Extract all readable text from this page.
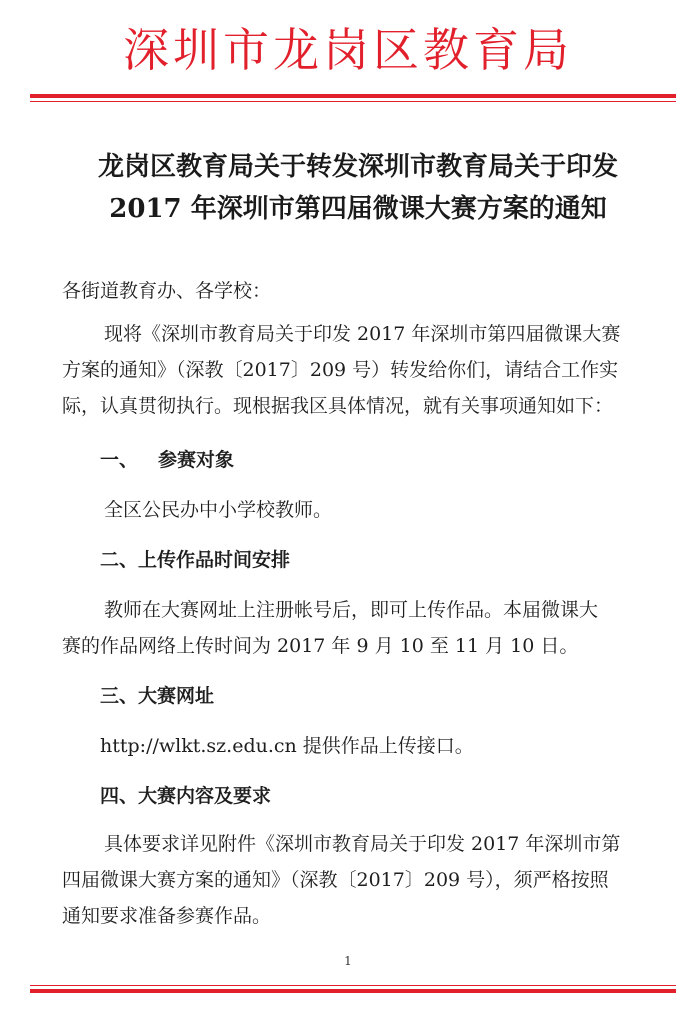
深圳市龙岗区教育局
龙岗区教育局关于转发深圳市教育局关于印发
2017 年深圳市第四届微课大赛方案的通知
各街道教育办、各学校：
现将《深圳市教育局关于印发 2017 年深圳市第四届微课大赛
方案的通知》（深教〔2017〕209 号）转发给你们，请结合工作实
际，认真贯彻执行。现根据我区具体情况，就有关事项通知如下：
一、 参赛对象
全区公民办中小学校教师。
二、上传作品时间安排
教师在大赛网址上注册帐号后，即可上传作品。本届微课大
赛的作品网络上传时间为 2017 年 9 月 10 至 11 月 10 日。
三、大赛网址
http://wlkt.sz.edu.cn 提供作品上传接口。
四、大赛内容及要求
具体要求详见附件《深圳市教育局关于印发 2017 年深圳市第
四届微课大赛方案的通知》（深教〔2017〕209 号），须严格按照
通知要求准备参赛作品。
1
